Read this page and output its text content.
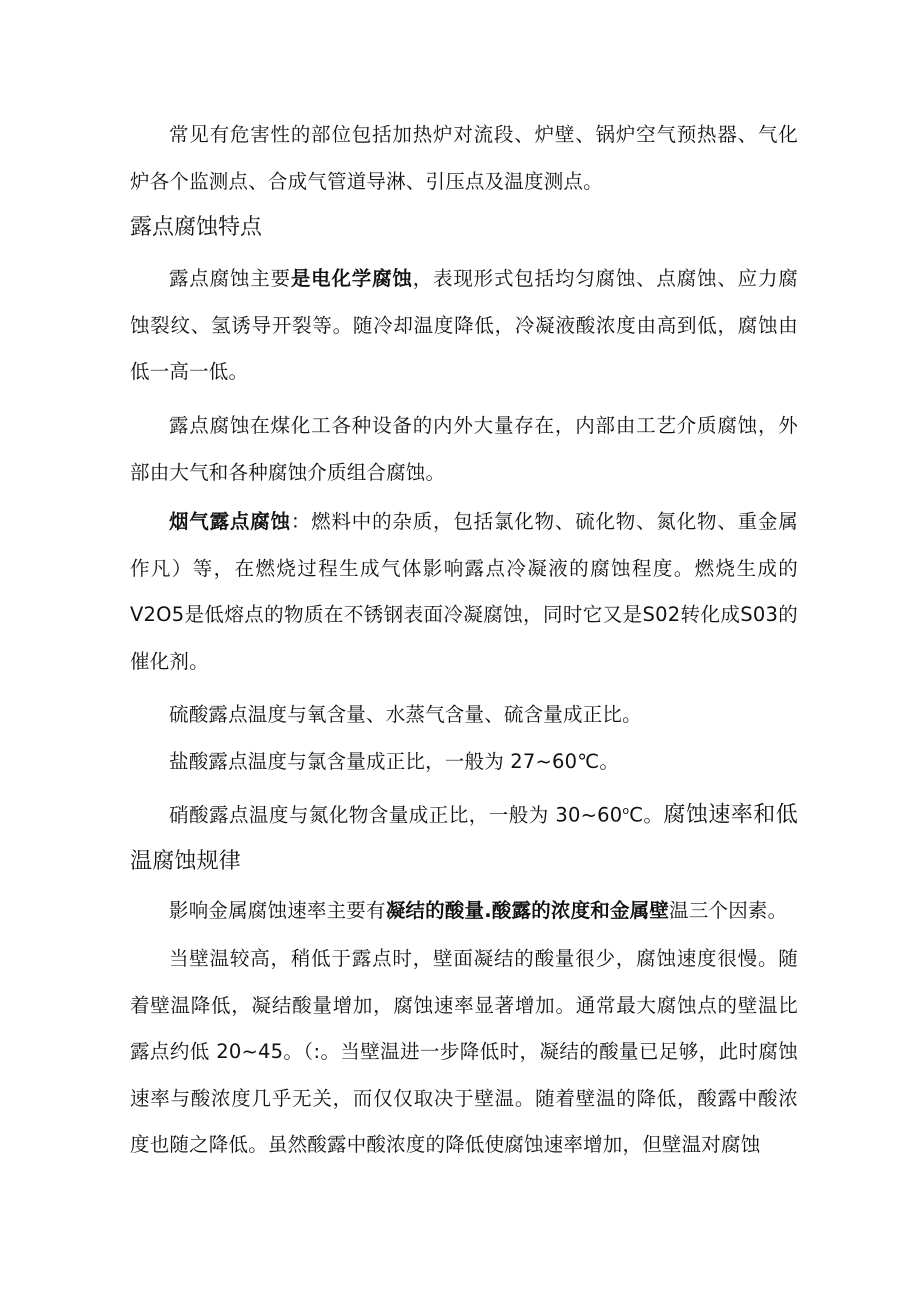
常见有危害性的部位包括加热炉对流段、炉壁、锅炉空气预热器、气化炉各个监测点、合成气管道导淋、引压点及温度测点。

露点腐蚀特点

露点腐蚀主要是电化学腐蚀，表现形式包括均匀腐蚀、点腐蚀、应力腐蚀裂纹、氢诱导开裂等。随冷却温度降低，冷凝液酸浓度由高到低，腐蚀由低一高一低。

露点腐蚀在煤化工各种设备的内外大量存在，内部由工艺介质腐蚀，外部由大气和各种腐蚀介质组合腐蚀。

烟气露点腐蚀：燃料中的杂质，包括氯化物、硫化物、氮化物、重金属作凡）等，在燃烧过程生成气体影响露点冷凝液的腐蚀程度。燃烧生成的V2O5是低熔点的物质在不锈钢表面冷凝腐蚀，同时它又是S02转化成S03的催化剂。

硫酸露点温度与氧含量、水蒸气含量、硫含量成正比。

盐酸露点温度与氯含量成正比，一般为 27~60℃。

硝酸露点温度与氮化物含量成正比，一般为 30~60$^o$C。腐蚀速率和低温腐蚀规律

影响金属腐蚀速率主要有凝结的酸量.酸露的浓度和金属壁温三个因素。

当壁温较高，稍低于露点时，壁面凝结的酸量很少，腐蚀速度很慢。随着壁温降低，凝结酸量增加，腐蚀速率显著增加。通常最大腐蚀点的壁温比露点约低 20~45。（:。当壁温进一步降低时，凝结的酸量已足够，此时腐蚀速率与酸浓度几乎无关，而仅仅取决于壁温。随着壁温的降低，酸露中酸浓度也随之降低。虽然酸露中酸浓度的降低使腐蚀速率增加，但壁温对腐蚀
